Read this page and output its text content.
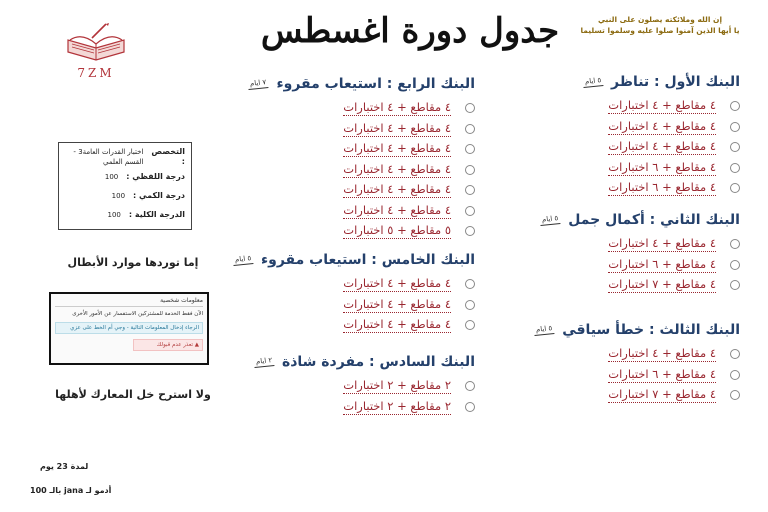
جدول دورة اغسطس	إن الله وملائكته يصلون على النبي
يا أيها الذين آمنوا صلوا عليه وسلموا تسليما
7ZM
البنك الأول : تناظر
٥ ايام
٤ مقاطع + ٤ اختبارات
٤ مقاطع + ٤ اختبارات
٤ مقاطع + ٤ اختبارات
٤ مقاطع + ٦ اختبارات
٤ مقاطع + ٦ اختبارات
البنك الثاني : أكمال جمل
٥ ايام
٤ مقاطع + ٤ اختبارات
٤ مقاطع + ٦ اختبارات
٤ مقاطع + ٧ اختبارات
البنك الثالث : خطأ سياقي
٥ ايام
٤ مقاطع + ٤ اختبارات
٤ مقاطع + ٦ اختبارات
٤ مقاطع + ٧ اختبارات
البنك الرابع : استيعاب مقروء
٧ ايام
٤ مقاطع + ٤ اختبارات
٤ مقاطع + ٤ اختبارات
٤ مقاطع + ٤ اختبارات
٤ مقاطع + ٤ اختبارات
٤ مقاطع + ٤ اختبارات
٤ مقاطع + ٤ اختبارات
٥ مقاطع + ٥ اختبارات
البنك الخامس : استيعاب مقروء
٥ ايام
٤ مقاطع + ٤ اختبارات
٤ مقاطع + ٤ اختبارات
٤ مقاطع + ٤ اختبارات
البنك السادس : مفردة شاذة
٢ ايام
٢ مقاطع + ٢ اختبارات
٢ مقاطع + ٢ اختبارات
التخصص :
اختبار القدرات العامة3 - القسم العلمي
درجة اللفظي :
100
درجة الكمي :
100
الدرجة الكلية :
100
إما توردها موارد الأبطال
معلومات شخصية
الآن فقط الخدمة للمشتركين الاستفسار عن الأمور الأخرى
الرجاء إدخال المعلومات التالية - وجي أم الخط على عزي
▲ تعذر عدم قبولك
ولا استرح خل المعارك لأهلها
لمدة 23 يوم
أدمو لـ jana بالـ 100
